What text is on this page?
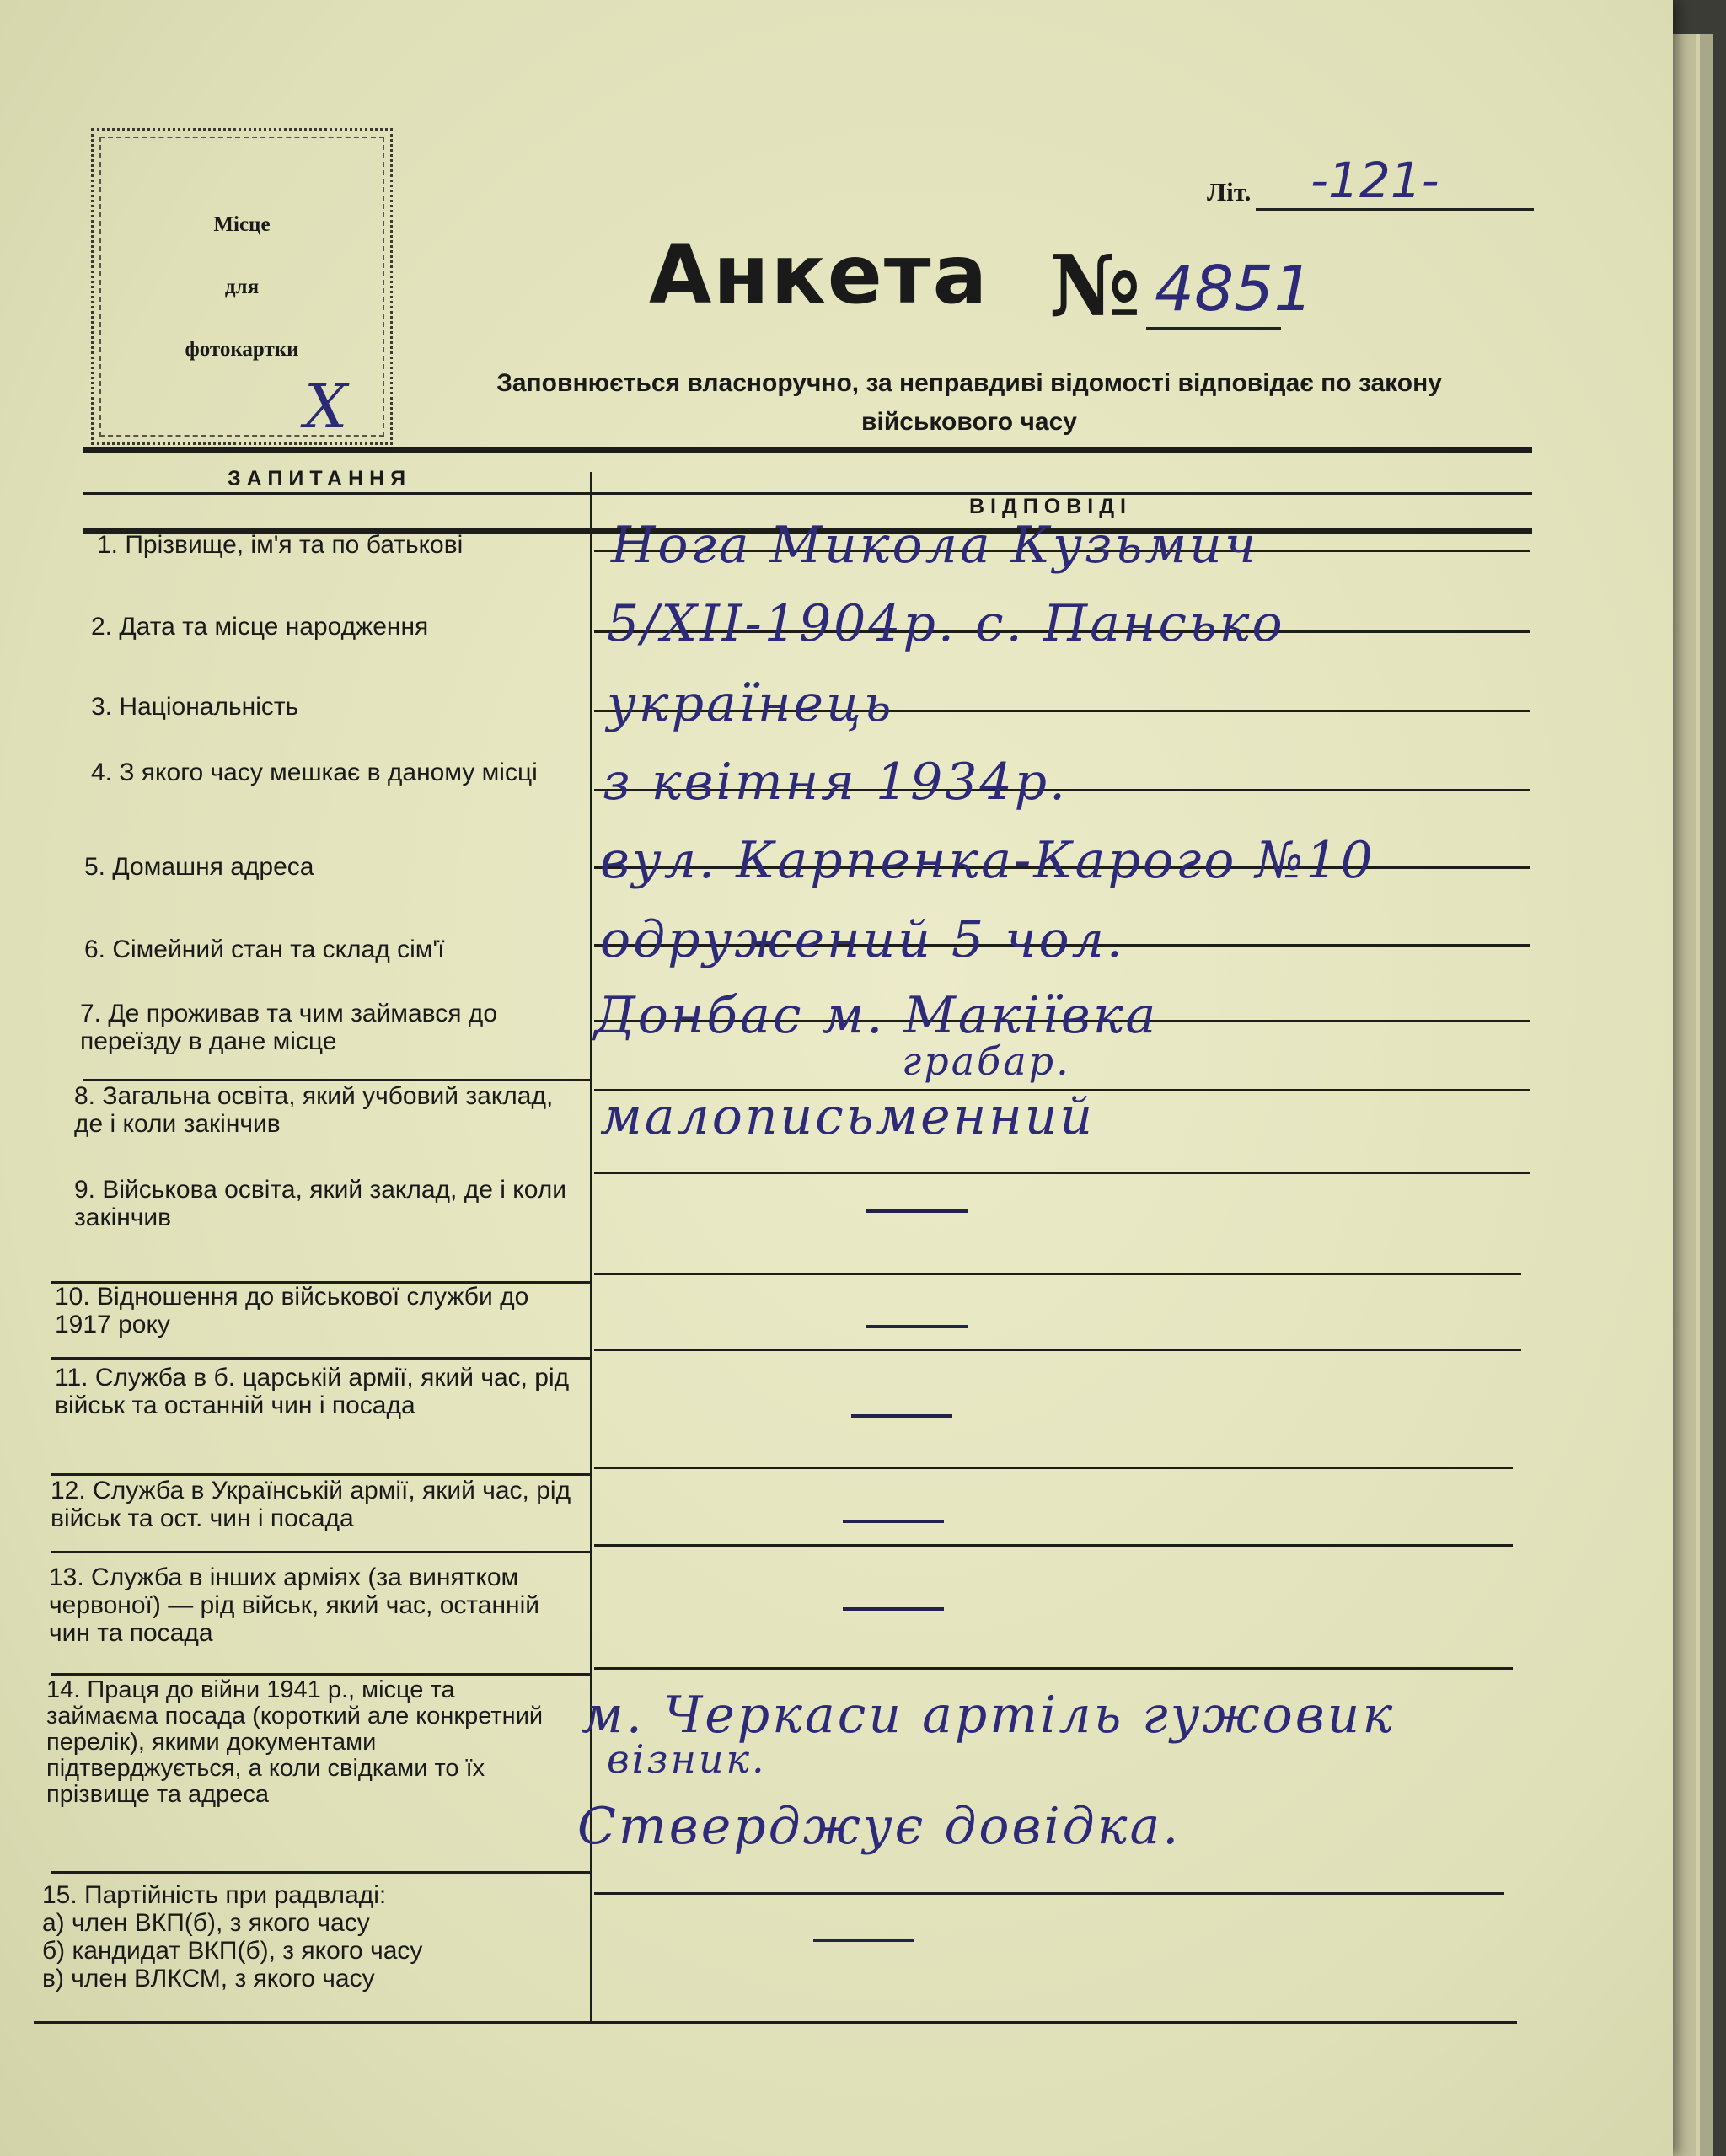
Місце
для
фотокартки
X
Літ. -121-
Анкета № 4851
Заповнюється власноручно, за неправдиві відомості відповідає по закону військового часу
ЗАПИТАННЯ
ВІДПОВІДІ
1. Прізвище, ім'я та по батькові
2. Дата та місце народження
3. Національність
4. З якого часу мешкає в даному місці
5. Домашня адреса
6. Сімейний стан та склад сім'ї
7. Де проживав та чим займався до переїзду в дане місце
8. Загальна освіта, який учбовий заклад, де і коли закінчив
9. Військова освіта, який заклад, де і коли закінчив
10. Відношення до військової служби до 1917 року
11. Служба в б. царській армії, який час, рід військ та останній чин і посада
12. Служба в Українській армії, який час, рід військ та ост. чин і посада
13. Служба в інших арміях (за винятком червоної) — рід військ, який час, останній чин та посада
14. Праця до війни 1941 р., місце та займаєма посада (короткий але конкретний перелік), якими документами підтверджується, а коли свідками то їх прізвище та адреса
15. Партійність при радвладі:
а) член ВКП(б), з якого часу
б) кандидат ВКП(б), з якого часу
в) член ВЛКСМ, з якого часу
Нога Микола Кузьмич
5/XII-1904р. с. Пансько
українець
з квітня 1934р.
вул. Карпенка-Карого №10
одружений 5 чол.
Донбас м. Макіївка
грабар.
малописьменний
м. Черкаси артіль гужовик
візник.
Стверджує довідка.
